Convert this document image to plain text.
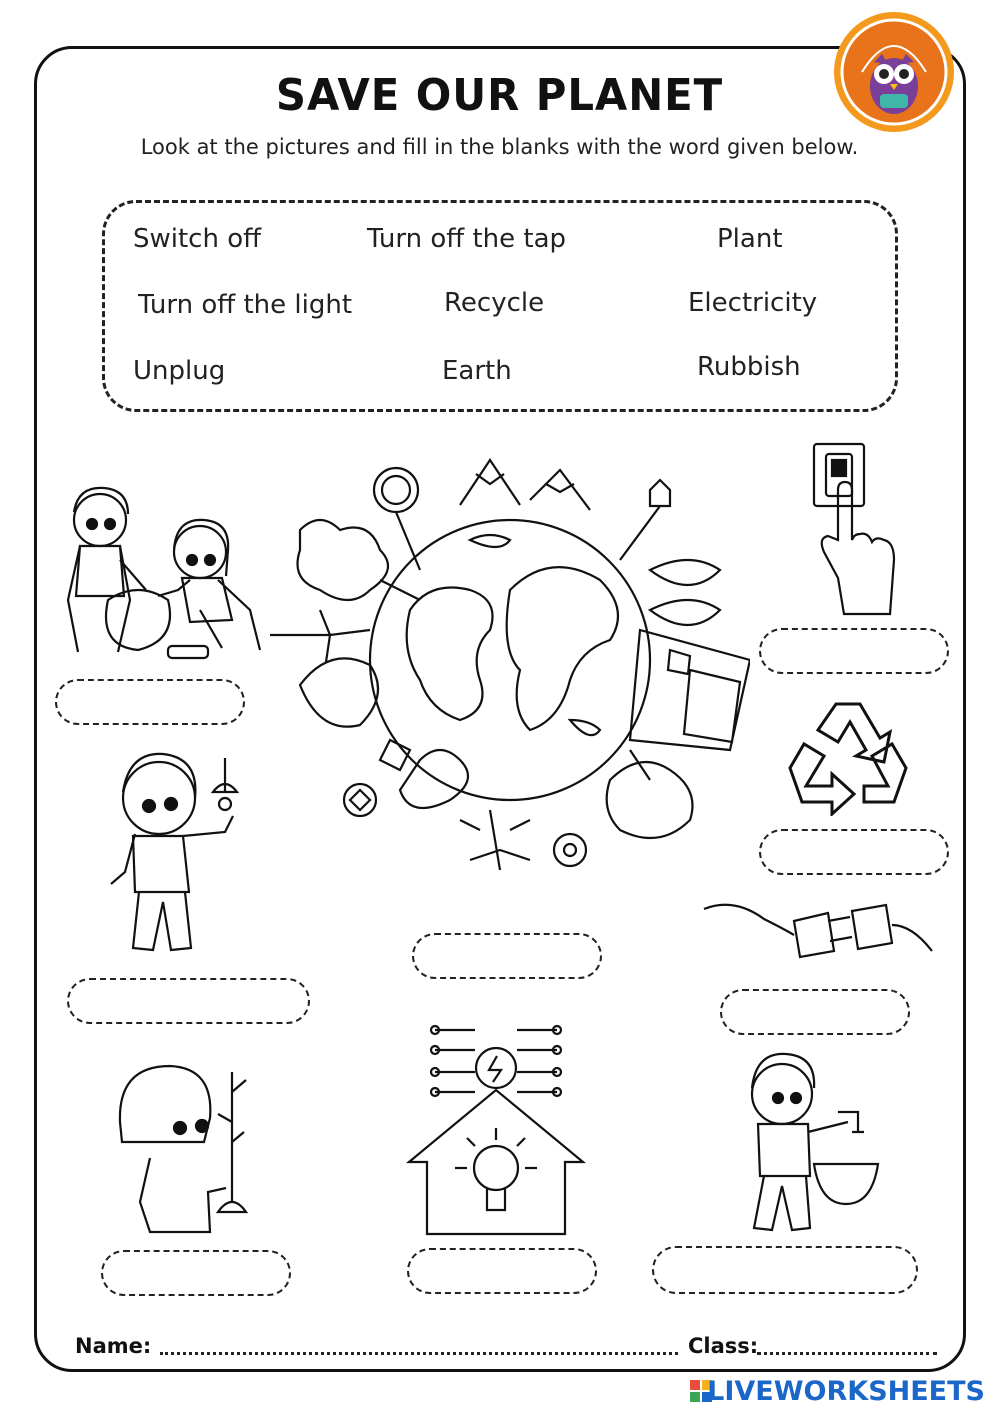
SAVE OUR PLANET
Look at the pictures and fill in the blanks with the word given below.
Switch off	Turn off the tap	Plant
Turn off the light	Recycle	Electricity
Unplug	Earth	Rubbish
Name:	Class:
LIVEWORKSHEETS
